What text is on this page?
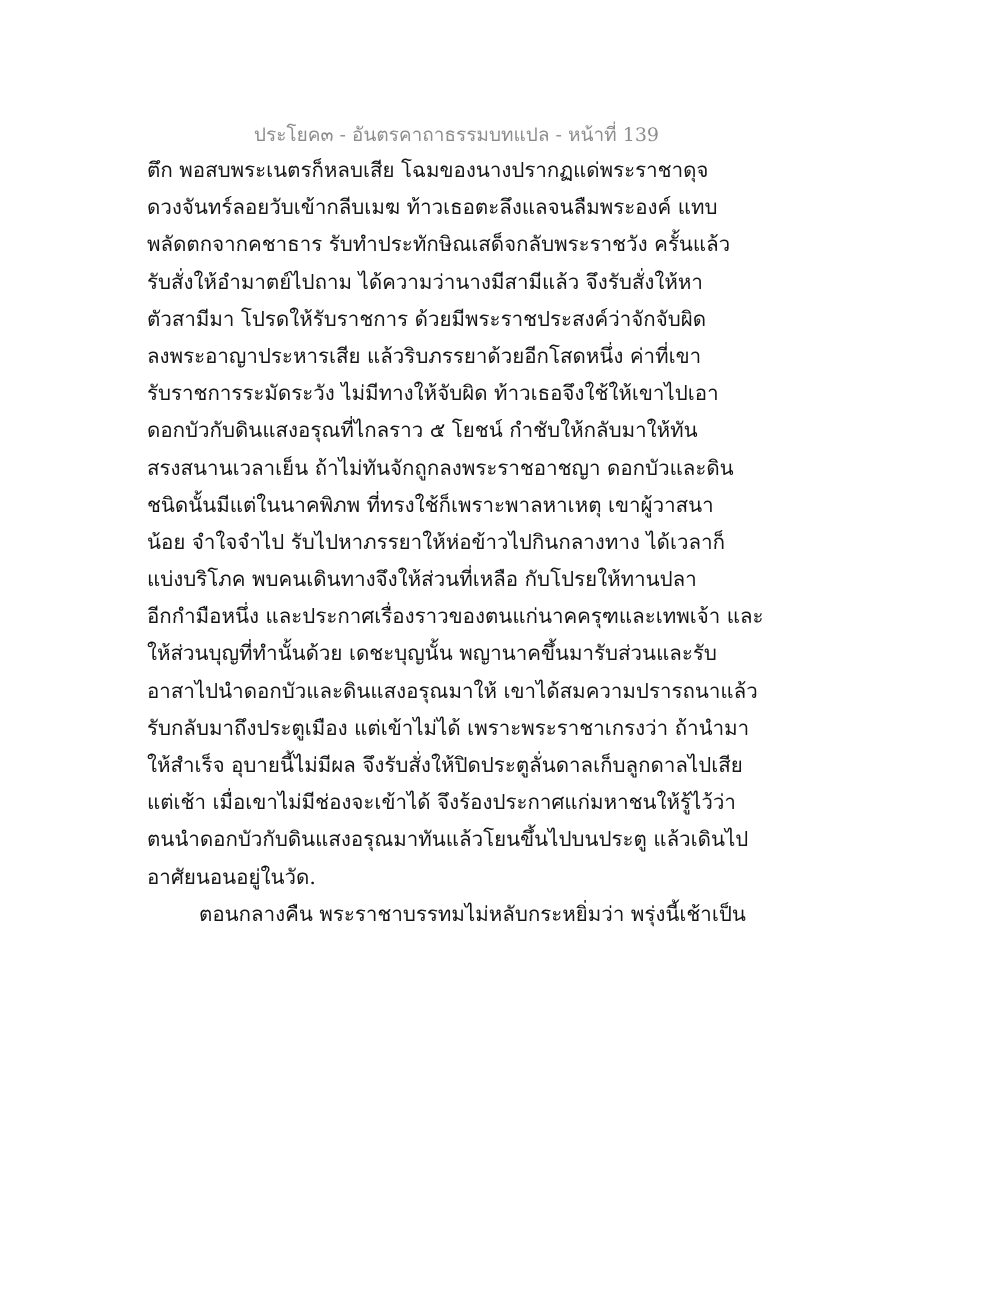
ประโยค๓ - อันตรคาถาธรรมบทแปล - หน้าที่ 139
ตึก พอสบพระเนตรก็หลบเสีย โฉมของนางปรากฏแด่พระราชาดุจ
ดวงจันทร์ลอยวับเข้ากลีบเมฆ ท้าวเธอตะลึงแลจนลืมพระองค์ แทบ
พลัดตกจากคชาธาร รับทำประทักษิณเสด็จกลับพระราชวัง ครั้นแล้ว
รับสั่งให้อำมาตย์ไปถาม ได้ความว่านางมีสามีแล้ว จึงรับสั่งให้หา
ตัวสามีมา โปรดให้รับราชการ ด้วยมีพระราชประสงค์ว่าจักจับผิด
ลงพระอาญาประหารเสีย แล้วริบภรรยาด้วยอีกโสดหนึ่ง ค่าที่เขา
รับราชการระมัดระวัง ไม่มีทางให้จับผิด ท้าวเธอจึงใช้ให้เขาไปเอา
ดอกบัวกับดินแสงอรุณที่ไกลราว ๕ โยชน์ กำชับให้กลับมาให้ทัน
สรงสนานเวลาเย็น ถ้าไม่ทันจักถูกลงพระราชอาชญา ดอกบัวและดิน
ชนิดนั้นมีแต่ในนาคพิภพ ที่ทรงใช้ก็เพราะพาลหาเหตุ เขาผู้วาสนา
น้อย จำใจจำไป รับไปหาภรรยาให้ห่อข้าวไปกินกลางทาง ได้เวลาก็
แบ่งบริโภค พบคนเดินทางจึงให้ส่วนที่เหลือ กับโปรยให้ทานปลา
อีกกำมือหนึ่ง และประกาศเรื่องราวของตนแก่นาคครุฑและเทพเจ้า และ
ให้ส่วนบุญที่ทำนั้นด้วย เดชะบุญนั้น พญานาคขึ้นมารับส่วนและรับ
อาสาไปนำดอกบัวและดินแสงอรุณมาให้ เขาได้สมความปรารถนาแล้ว
รับกลับมาถึงประตูเมือง แต่เข้าไม่ได้ เพราะพระราชาเกรงว่า ถ้านำมา
ให้สำเร็จ อุบายนี้ไม่มีผล จึงรับสั่งให้ปิดประตูลั่นดาลเก็บลูกดาลไปเสีย
แต่เช้า เมื่อเขาไม่มีช่องจะเข้าได้ จึงร้องประกาศแก่มหาชนให้รู้ไว้ว่า
ตนนำดอกบัวกับดินแสงอรุณมาทันแล้วโยนขึ้นไปบนประตู แล้วเดินไป
อาศัยนอนอยู่ในวัด.
ตอนกลางคืน พระราชาบรรทมไม่หลับกระหยิ่มว่า พรุ่งนี้เช้าเป็น
